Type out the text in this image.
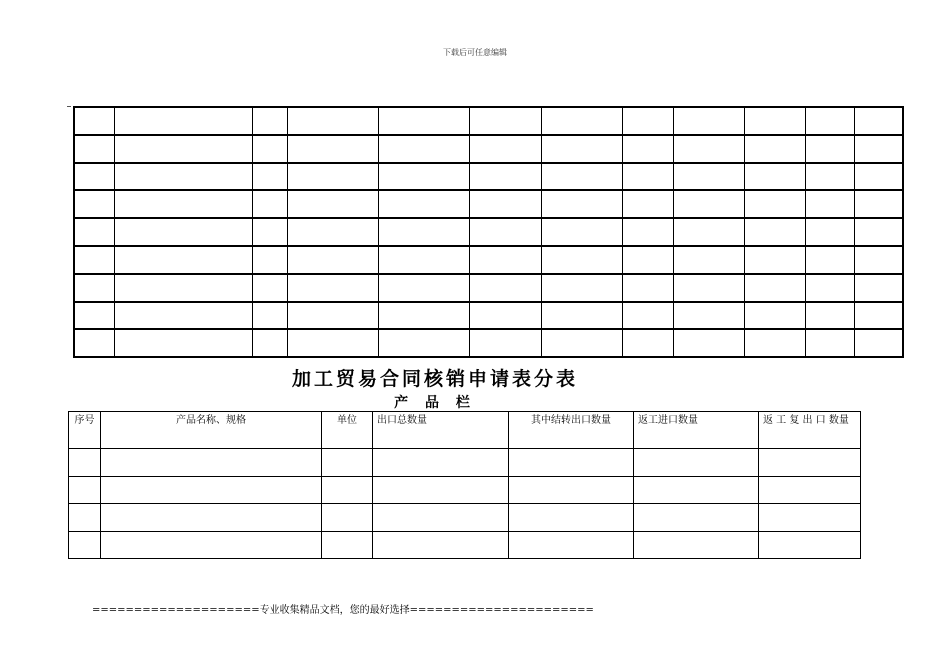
下载后可任意编辑

加工贸易合同核销申请表分表
产 品 栏
序号	产品名称、规格	单位	出口总数量	其中结转出口数量	返工进口数量	返 工 复 出 口 数量

====================专业收集精品文档，您的最好选择======================
